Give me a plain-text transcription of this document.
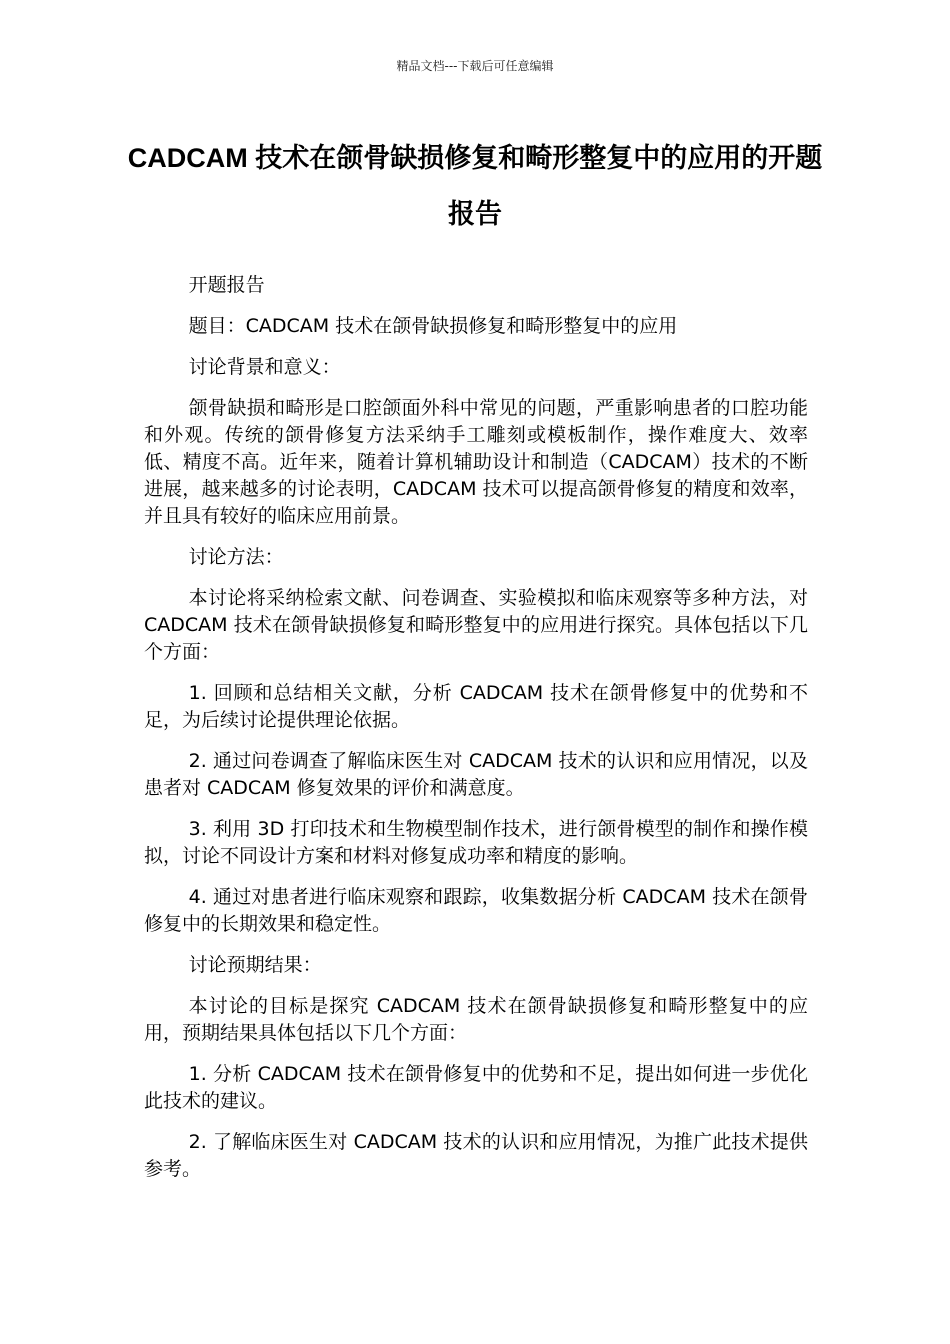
精品文档---下载后可任意编辑
CADCAM 技术在颌骨缺损修复和畸形整复中的应用的开题报告

开题报告

题目：CADCAM 技术在颌骨缺损修复和畸形整复中的应用

讨论背景和意义：

颌骨缺损和畸形是口腔颌面外科中常见的问题，严重影响患者的口腔功能和外观。传统的颌骨修复方法采纳手工雕刻或模板制作，操作难度大、效率低、精度不高。近年来，随着计算机辅助设计和制造（CADCAM）技术的不断进展，越来越多的讨论表明，CADCAM 技术可以提高颌骨修复的精度和效率，并且具有较好的临床应用前景。

讨论方法：

本讨论将采纳检索文献、问卷调查、实验模拟和临床观察等多种方法，对 CADCAM 技术在颌骨缺损修复和畸形整复中的应用进行探究。具体包括以下几个方面：

1. 回顾和总结相关文献，分析 CADCAM 技术在颌骨修复中的优势和不足，为后续讨论提供理论依据。

2. 通过问卷调查了解临床医生对 CADCAM 技术的认识和应用情况，以及患者对 CADCAM 修复效果的评价和满意度。

3. 利用 3D 打印技术和生物模型制作技术，进行颌骨模型的制作和操作模拟，讨论不同设计方案和材料对修复成功率和精度的影响。

4. 通过对患者进行临床观察和跟踪，收集数据分析 CADCAM 技术在颌骨修复中的长期效果和稳定性。

讨论预期结果：

本讨论的目标是探究 CADCAM 技术在颌骨缺损修复和畸形整复中的应用，预期结果具体包括以下几个方面：

1. 分析 CADCAM 技术在颌骨修复中的优势和不足，提出如何进一步优化此技术的建议。

2. 了解临床医生对 CADCAM 技术的认识和应用情况，为推广此技术提供参考。
